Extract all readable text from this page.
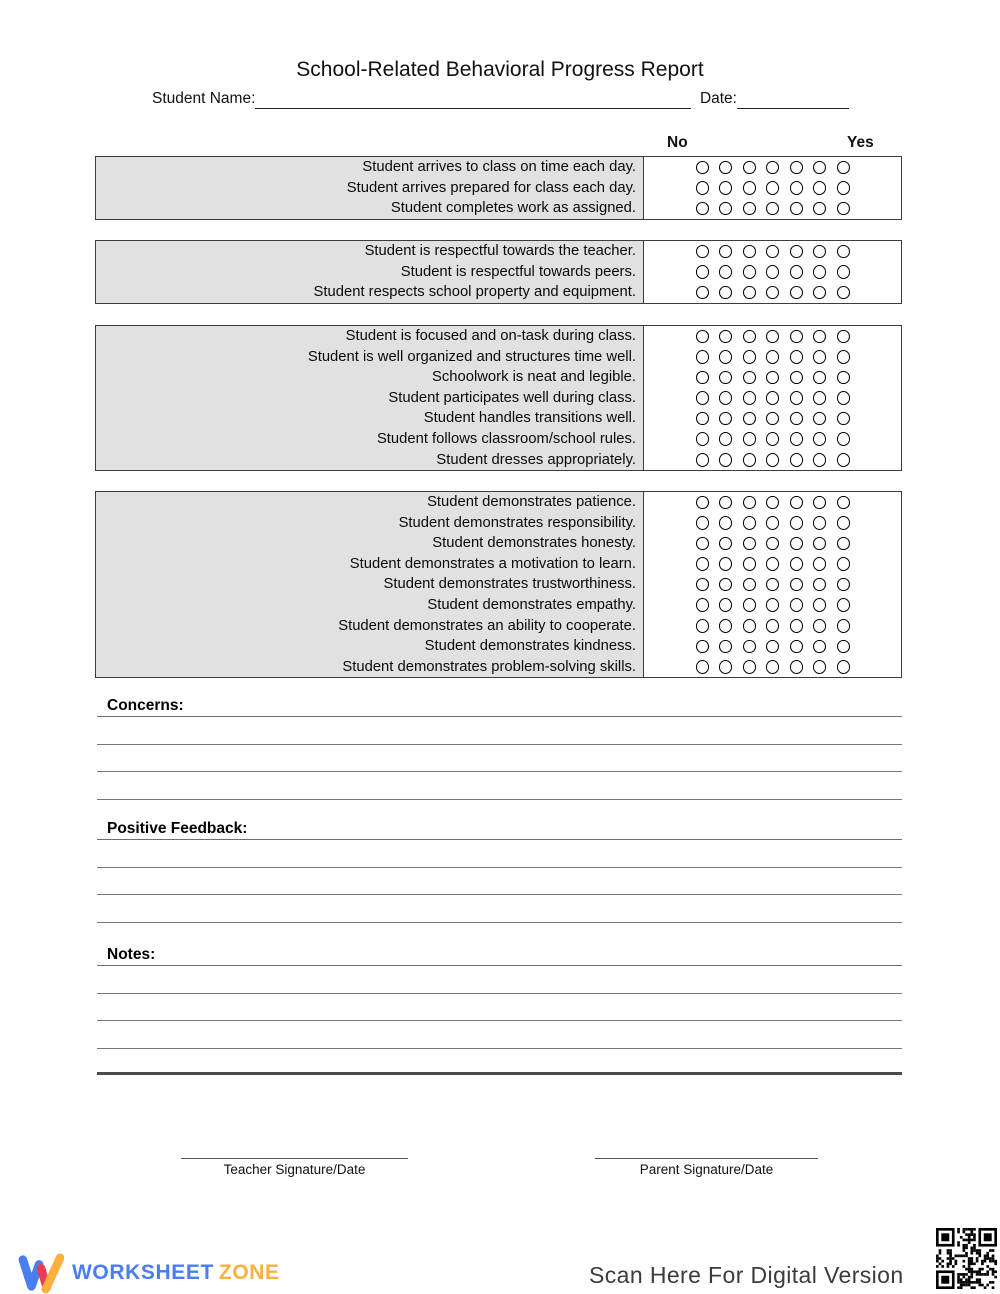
School-Related Behavioral Progress Report
Student Name:	Date:
No	Yes
Student arrives to class on time each day.
Student arrives prepared for class each day.
Student completes work as assigned.
Student is respectful towards the teacher.
Student is respectful towards peers.
Student respects school property and equipment.
Student is focused and on-task during class.
Student is well organized and structures time well.
Schoolwork is neat and legible.
Student participates well during class.
Student handles transitions well.
Student follows classroom/school rules.
Student dresses appropriately.
Student demonstrates patience.
Student demonstrates responsibility.
Student demonstrates honesty.
Student demonstrates a motivation to learn.
Student demonstrates trustworthiness.
Student demonstrates empathy.
Student demonstrates an ability to cooperate.
Student demonstrates kindness.
Student demonstrates problem-solving skills.
Concerns:
Positive Feedback:
Notes:
Teacher Signature/Date	Parent Signature/Date
WORKSHEET ZONE	Scan Here For Digital Version
